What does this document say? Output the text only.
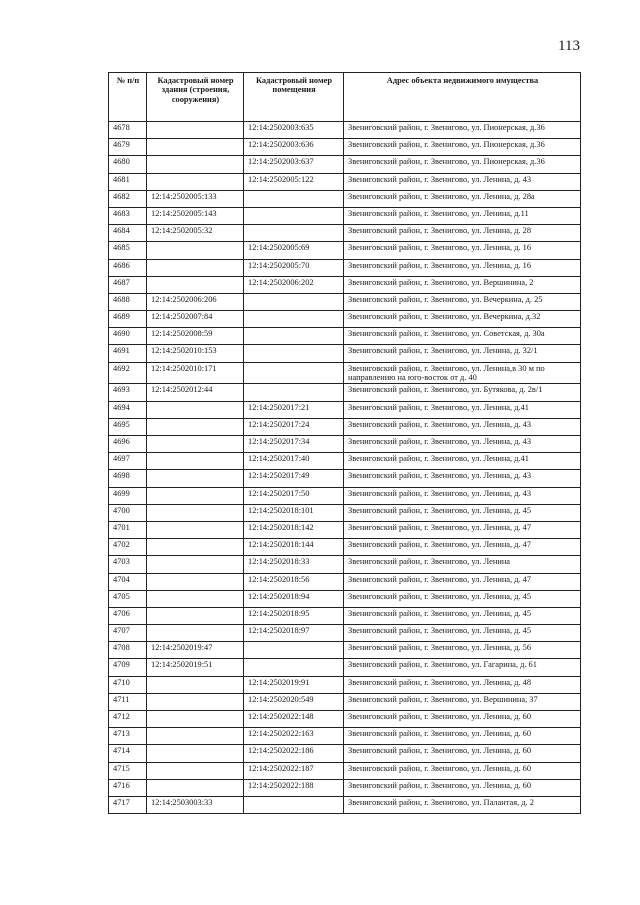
113
№ п/п	Кадастровый номер здания (строения, сооружения)	Кадастровый номер помещения	Адрес объекта недвижимого имущества
4678		12:14:2502003:635	Звениговский район, г. Звенигово, ул. Пионерская, д.36
4679		12:14:2502003:636	Звениговский район, г. Звенигово, ул. Пионерская, д.36
4680		12:14:2502003:637	Звениговский район, г. Звенигово, ул. Пионерская, д.36
4681		12:14:2502005:122	Звениговский район, г. Звенигово, ул. Ленина, д. 43
4682	12:14:2502005:133		Звениговский район, г. Звенигово, ул. Ленина, д. 28а
4683	12:14:2502005:143		Звениговский район, г. Звенигово, ул. Ленина, д.11
4684	12:14:2502005:32		Звениговский район, г. Звенигово, ул. Ленина, д. 28
4685		12:14:2502005:69	Звениговский район, г. Звенигово, ул. Ленина, д. 16
4686		12:14:2502005:70	Звениговский район, г. Звенигово, ул. Ленина, д. 16
4687		12:14:2502006:202	Звениговский район, г. Звенигово, ул. Вершинина, 2
4688	12:14:2502006:206		Звениговский район, г. Звенигово, ул. Вечеркина, д. 25
4689	12:14:2502007:84		Звениговский район, г. Звенигово, ул. Вечеркина, д.32
4690	12:14:2502008:59		Звениговский район, г. Звенигово, ул. Советская, д. 30а
4691	12:14:2502010:153		Звениговский район, г. Звенигово, ул. Ленина, д. 32/1
4692	12:14:2502010:171		Звениговский район, г. Звенигово, ул. Ленина,в 30 м по направлению на юго-восток от д. 40
4693	12:14:2502012:44		Звениговский район, г. Звенигово, ул. Бутякова, д. 2в/1
4694		12:14:2502017:21	Звениговский район, г. Звенигово, ул. Ленина, д.41
4695		12:14:2502017:24	Звениговский район, г. Звенигово, ул. Ленина, д. 43
4696		12:14:2502017:34	Звениговский район, г. Звенигово, ул. Ленина, д. 43
4697		12:14:2502017:40	Звениговский район, г. Звенигово, ул. Ленина, д.41
4698		12:14:2502017:49	Звениговский район, г. Звенигово, ул. Ленина, д. 43
4699		12:14:2502017:50	Звениговский район, г. Звенигово, ул. Ленина, д. 43
4700		12:14:2502018:101	Звениговский район, г. Звенигово, ул. Ленина, д. 45
4701		12:14:2502018:142	Звениговский район, г. Звенигово, ул. Ленина, д. 47
4702		12:14:2502018:144	Звениговский район, г. Звенигово, ул. Ленина, д. 47
4703		12:14:2502018:33	Звениговский район, г. Звенигово, ул. Ленина
4704		12:14:2502018:56	Звениговский район, г. Звенигово, ул. Ленина, д. 47
4705		12:14:2502018:94	Звениговский район, г. Звенигово, ул. Ленина, д. 45
4706		12:14:2502018:95	Звениговский район, г. Звенигово, ул. Ленина, д. 45
4707		12:14:2502018:97	Звениговский район, г. Звенигово, ул. Ленина, д. 45
4708	12:14:2502019:47		Звениговский район, г. Звенигово, ул. Ленина, д. 56
4709	12:14:2502019:51		Звениговский район, г. Звенигово, ул. Гагарина, д. 61
4710		12:14:2502019:91	Звениговский район, г. Звенигово, ул. Ленина, д. 48
4711		12:14:2502020:549	Звениговский район, г. Звенигово, ул. Вершинина, 37
4712		12:14:2502022:148	Звениговский район, г. Звенигово, ул. Ленина, д. 60
4713		12:14:2502022:163	Звениговский район, г. Звенигово, ул. Ленина, д. 60
4714		12:14:2502022:186	Звениговский район, г. Звенигово, ул. Ленина, д. 60
4715		12:14:2502022:187	Звениговский район, г. Звенигово, ул. Ленина, д. 60
4716		12:14:2502022:188	Звениговский район, г. Звенигово, ул. Ленина, д. 60
4717	12:14:2503003:33		Звениговский район, г. Звенигово, ул. Палантая, д. 2
